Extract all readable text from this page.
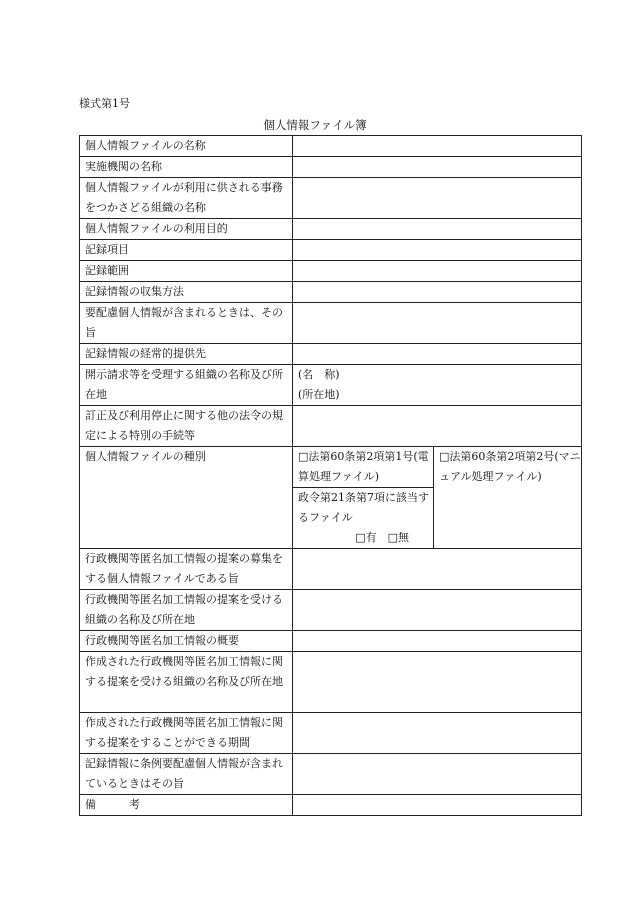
様式第1号
個人情報ファイル簿
個人情報ファイルの名称		
実施機関の名称		
個人情報ファイルが利用に供される事務をつかさどる組織の名称		
個人情報ファイルの利用目的		
記録項目		
記録範囲		
記録情報の収集方法		
要配慮個人情報が含まれるときは、その旨		
記録情報の経常的提供先		
開示請求等を受理する組織の名称及び所在地	(名　称)
(所在地)	

訂正及び利用停止に関する他の法令の規定による特別の手続等		
個人情報ファイルの種別	□法第60条第2項第1号(電算処理ファイル)	□法第60条第2項第2号(マニュアル処理ファイル)

	政令第21条第7項に該当するファイル
□有　□無	

行政機関等匿名加工情報の提案の募集をする個人情報ファイルである旨		
行政機関等匿名加工情報の提案を受ける組織の名称及び所在地		
行政機関等匿名加工情報の概要		
作成された行政機関等匿名加工情報に関する提案を受ける組織の名称及び所在地		
作成された行政機関等匿名加工情報に関する提案をすることができる期間		
記録情報に条例要配慮個人情報が含まれているときはその旨		
備　　　考		
